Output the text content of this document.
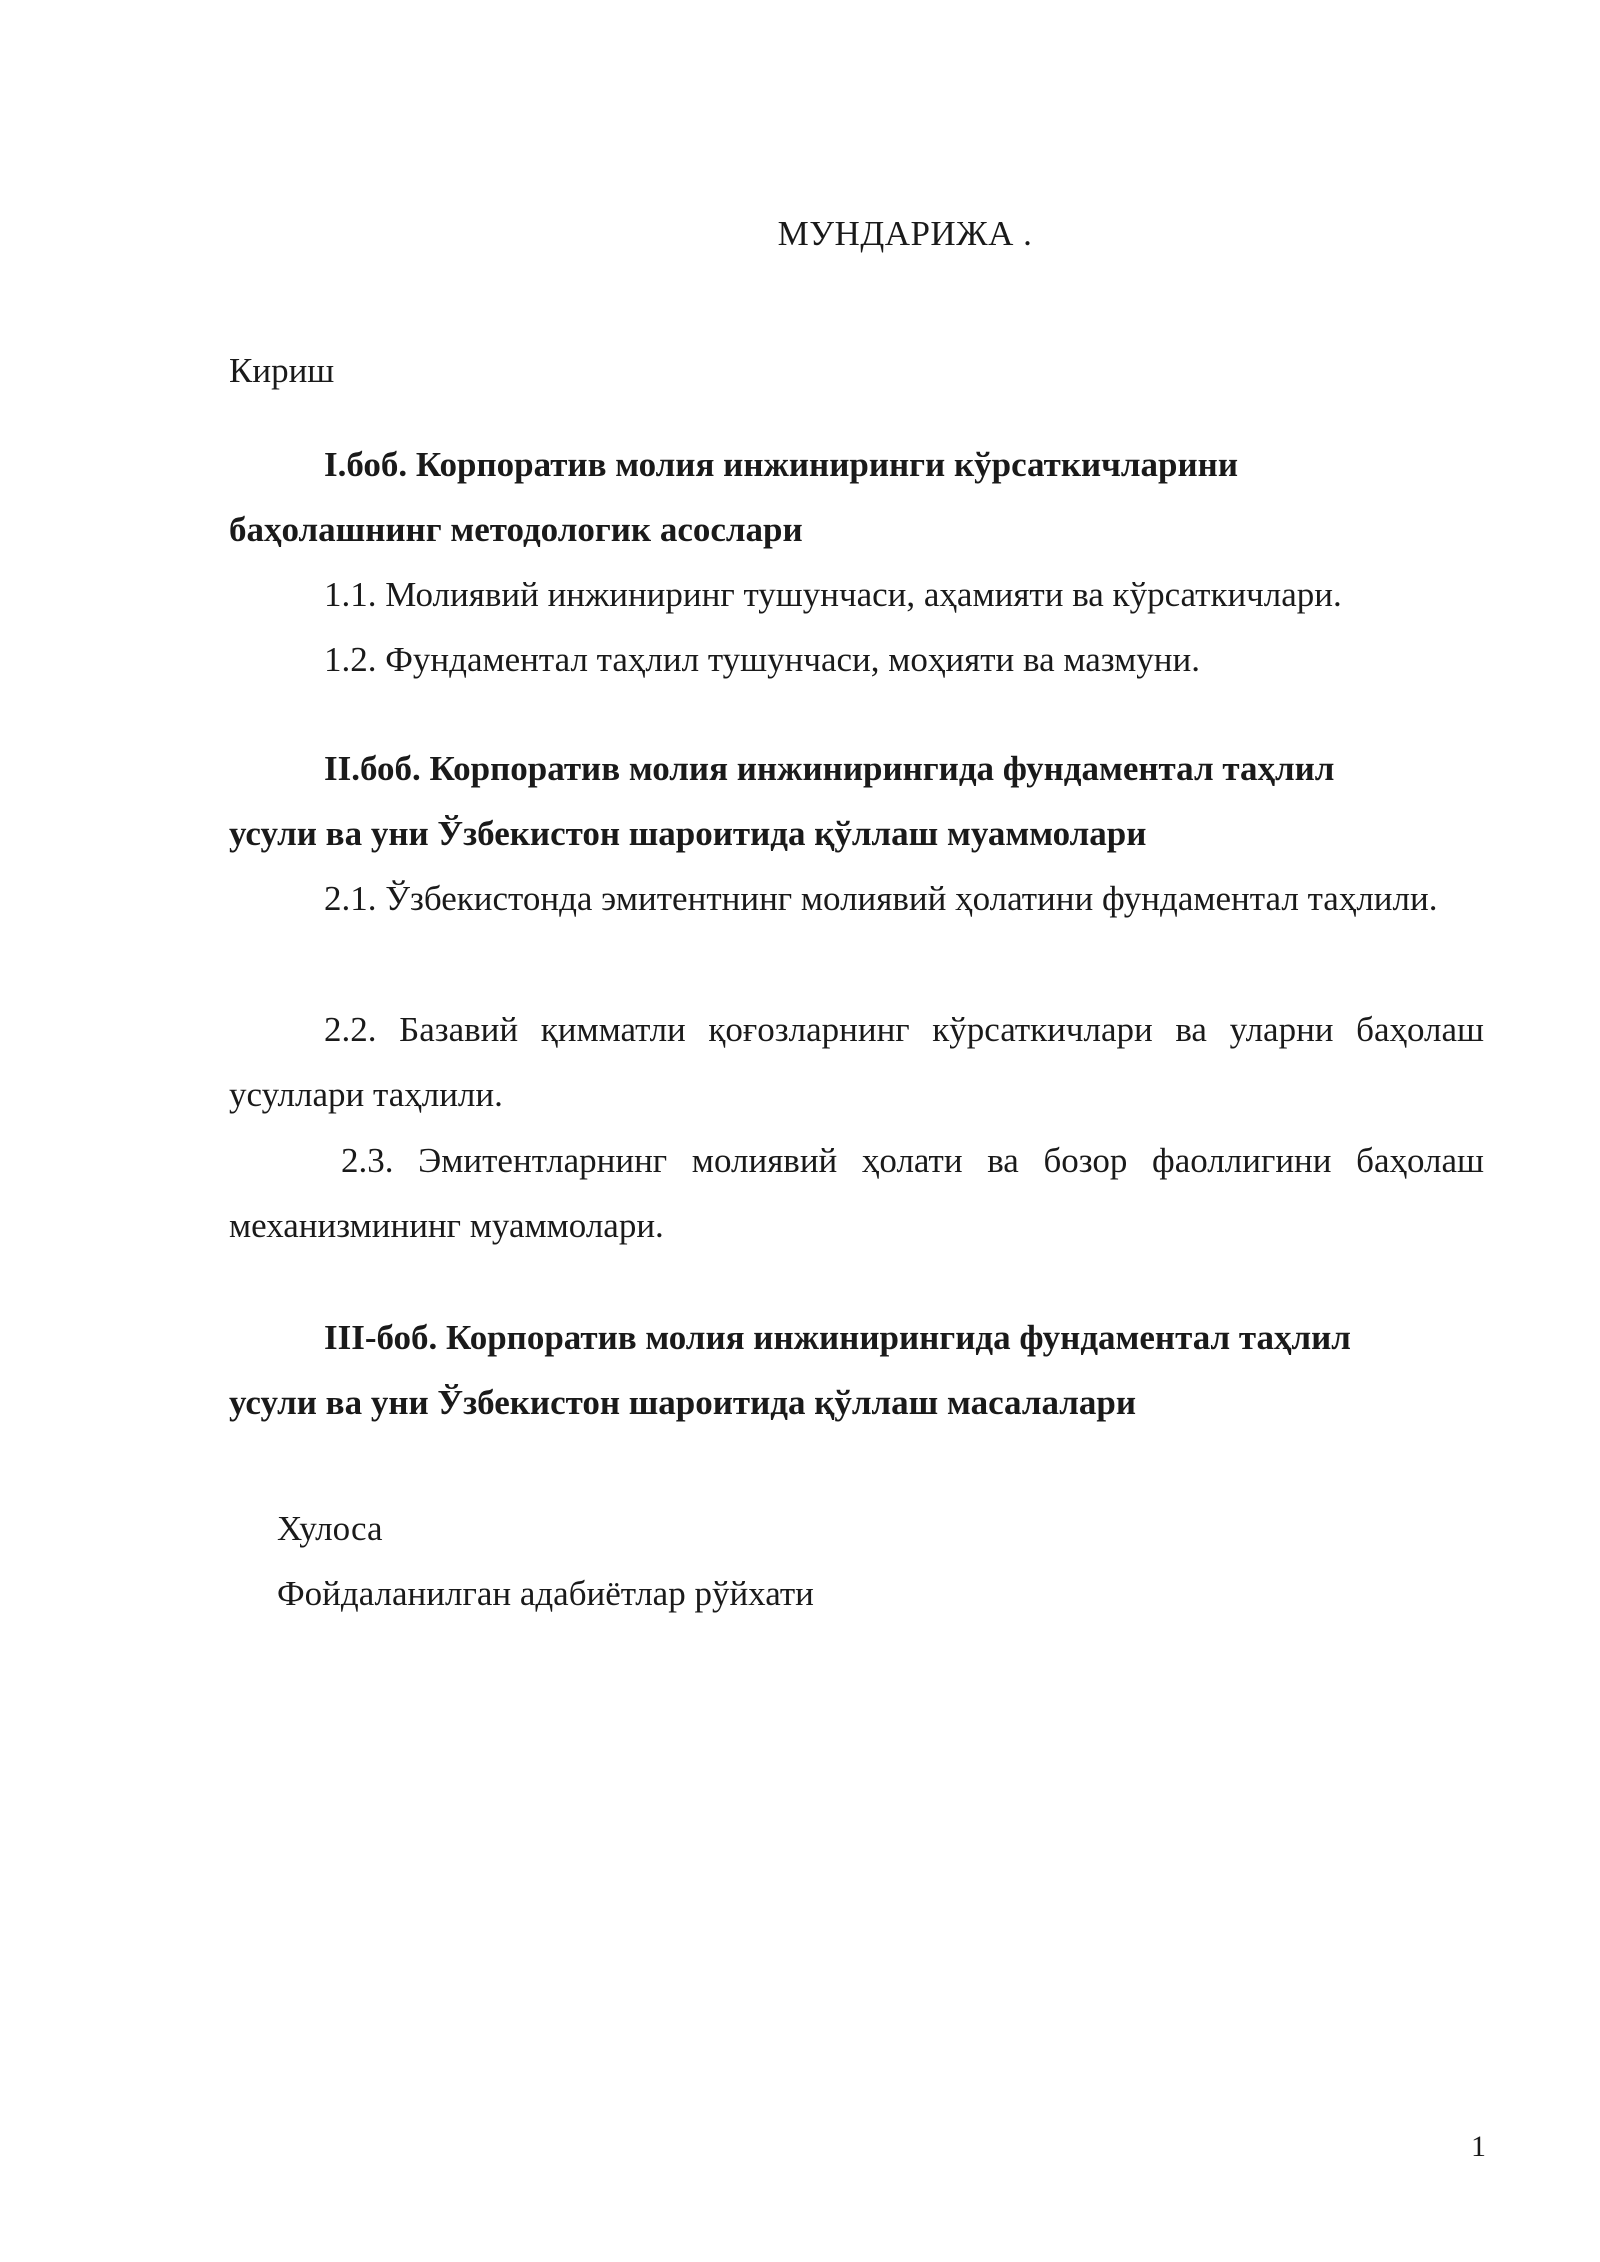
МУНДАРИЖА .
Кириш
I.боб. Корпоратив молия инжиниринги кўрсаткичларини
баҳолашнинг методологик асослари
1.1. Молиявий инжиниринг тушунчаси, аҳамияти ва кўрсаткичлари.
1.2. Фундаментал таҳлил тушунчаси, моҳияти ва мазмуни.
II.боб. Корпоратив молия инжинирингида фундаментал таҳлил
усули ва уни Ўзбекистон шароитида қўллаш муаммолари
2.1. Ўзбекистонда эмитентнинг молиявий ҳолатини фундаментал таҳлили.
2.2. Базавий қимматли қоғозларнинг кўрсаткичлари ва уларни баҳолаш усуллари таҳлили.
2.3. Эмитентларнинг молиявий ҳолати ва бозор фаоллигини баҳолаш механизмининг муаммолари.
III-боб. Корпоратив молия инжинирингида фундаментал таҳлил
усули ва уни Ўзбекистон шароитида қўллаш масалалари
Хулоса
Фойдаланилган адабиётлар рўйхати
1
